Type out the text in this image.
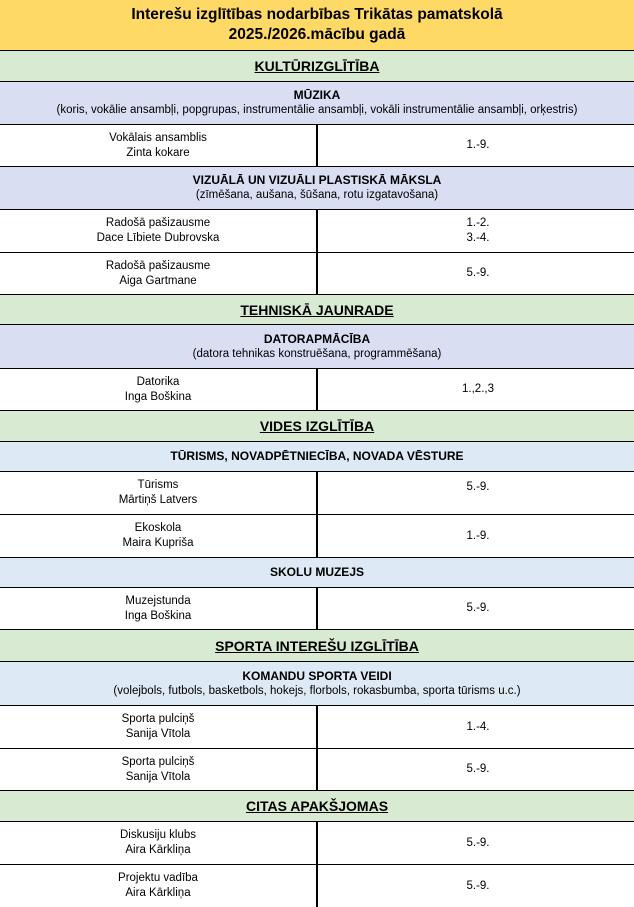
Interešu izglītības nodarbības Trikātas pamatskolā
2025./2026.mācību gadā
KULTŪRIZGLĪTĪBA
MŪZIKA
(koris, vokālie ansambļi, popgrupas, instrumentālie ansambļi, vokāli instrumentālie ansambļi, orķestris)
Vokālais ansamblis
Zinta kokare
1.-9.
VIZUĀLĀ UN VIZUĀLI PLASTISKĀ MĀKSLA
(zīmēšana, aušana, šūšana, rotu izgatavošana)
Radošā pašizausme
Dace Lībiete Dubrovska
1.-2.
3.-4.
Radošā pašizausme
Aiga Gartmane
5.-9.
TEHNISKĀ JAUNRADE
DATORAPMĀCĪBA
(datora tehnikas konstruēšana, programmēšana)
Datorika
Inga Boškina
1.,2.,3
VIDES IZGLĪTĪBA
TŪRISMS, NOVADPĒTNIECĪBA, NOVADA VĒSTURE
Tūrisms
Mārtiņš Latvers
5.-9.
Ekoskola
Maira Kupriša
1.-9.
SKOLU MUZEJS
Muzejstunda
Inga Boškina
5.-9.
SPORTA INTEREŠU IZGLĪTĪBA
KOMANDU SPORTA VEIDI
(volejbols, futbols, basketbols, hokejs, florbols, rokasbumba, sporta tūrisms u.c.)
Sporta pulciņš
Sanija Vītola
1.-4.
Sporta pulciņš
Sanija Vītola
5.-9.
CITAS APAKŠJOMAS
Diskusiju klubs
Aira Kārkliņa
5.-9.
Projektu vadība
Aira Kārkliņa
5.-9.
